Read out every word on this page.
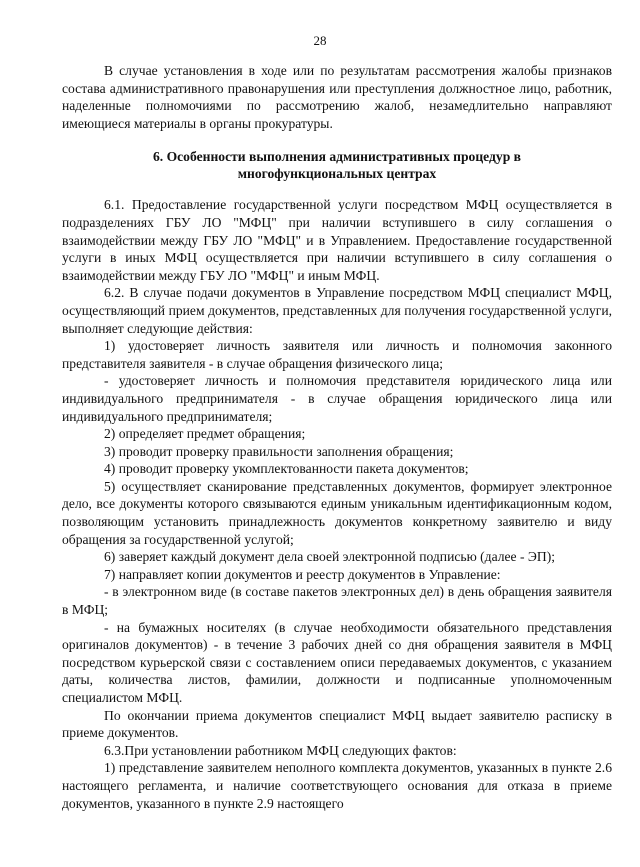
28

В случае установления в ходе или по результатам рассмотрения жалобы признаков состава административного правонарушения или преступления должностное лицо, работник, наделенные полномочиями по рассмотрению жалоб, незамедлительно направляют имеющиеся материалы в органы прокуратуры.

6. Особенности выполнения административных процедур в
многофункциональных центрах

6.1. Предоставление государственной услуги посредством МФЦ осуществляется в подразделениях ГБУ ЛО "МФЦ" при наличии вступившего в силу соглашения о взаимодействии между ГБУ ЛО "МФЦ" и в Управлением. Предоставление государственной услуги в иных МФЦ осуществляется при наличии вступившего в силу соглашения о взаимодействии между ГБУ ЛО "МФЦ" и иным МФЦ.

6.2. В случае подачи документов в Управление посредством МФЦ специалист МФЦ, осуществляющий прием документов, представленных для получения государственной услуги, выполняет следующие действия:

1) удостоверяет личность заявителя или личность и полномочия законного представителя заявителя - в случае обращения физического лица;

- удостоверяет личность и полномочия представителя юридического лица или индивидуального предпринимателя - в случае обращения юридического лица или индивидуального предпринимателя;

2) определяет предмет обращения;

3) проводит проверку правильности заполнения обращения;

4) проводит проверку укомплектованности пакета документов;

5) осуществляет сканирование представленных документов, формирует электронное дело, все документы которого связываются единым уникальным идентификационным кодом, позволяющим установить принадлежность документов конкретному заявителю и виду обращения за государственной услугой;

6) заверяет каждый документ дела своей электронной подписью (далее - ЭП);

7) направляет копии документов и реестр документов в Управление:

- в электронном виде (в составе пакетов электронных дел) в день обращения заявителя в МФЦ;

- на бумажных носителях (в случае необходимости обязательного представления оригиналов документов) - в течение 3 рабочих дней со дня обращения заявителя в МФЦ посредством курьерской связи с составлением описи передаваемых документов, с указанием даты, количества листов, фамилии, должности и подписанные уполномоченным специалистом МФЦ.

По окончании приема документов специалист МФЦ выдает заявителю расписку в приеме документов.

6.3.При установлении работником МФЦ следующих фактов:

1) представление заявителем неполного комплекта документов, указанных в пункте 2.6 настоящего регламента, и наличие соответствующего основания для отказа в приеме документов, указанного в пункте 2.9 настоящего
